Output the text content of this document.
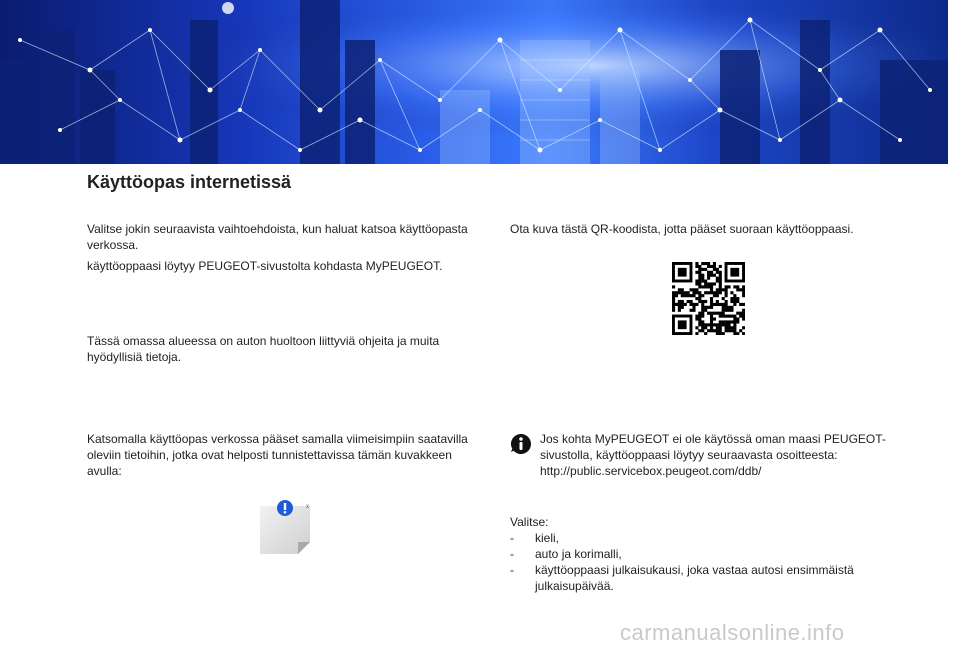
Käyttöopas internetissä

Valitse jokin seuraavista vaihtoehdoista, kun haluat katsoa käyttöopasta verkossa.

käyttöoppaasi löytyy PEUGEOT-sivustolta kohdasta MyPEUGEOT.

Tässä omassa alueessa on auton huoltoon liittyviä ohjeita ja muita hyödyllisiä tietoja.

Katsomalla käyttöopas verkossa pääset samalla viimeisimpiin saatavilla oleviin tietoihin, jotka ovat helposti tunnistettavissa tämän kuvakkeen avulla:

x

Ota kuva tästä QR-koodista, jotta pääset suoraan käyttöoppaasi.

Jos kohta MyPEUGEOT ei ole käytössä oman maasi PEUGEOT-sivustolla, käyttöoppaasi löytyy seuraavasta osoitteesta: http://public.servicebox.peugeot.com/ddb/

Valitse:

- kieli,
- auto ja korimalli,
- käyttöoppaasi julkaisukausi, joka vastaa autosi ensimmäistä julkaisupäivää.
carmanualsonline.info
